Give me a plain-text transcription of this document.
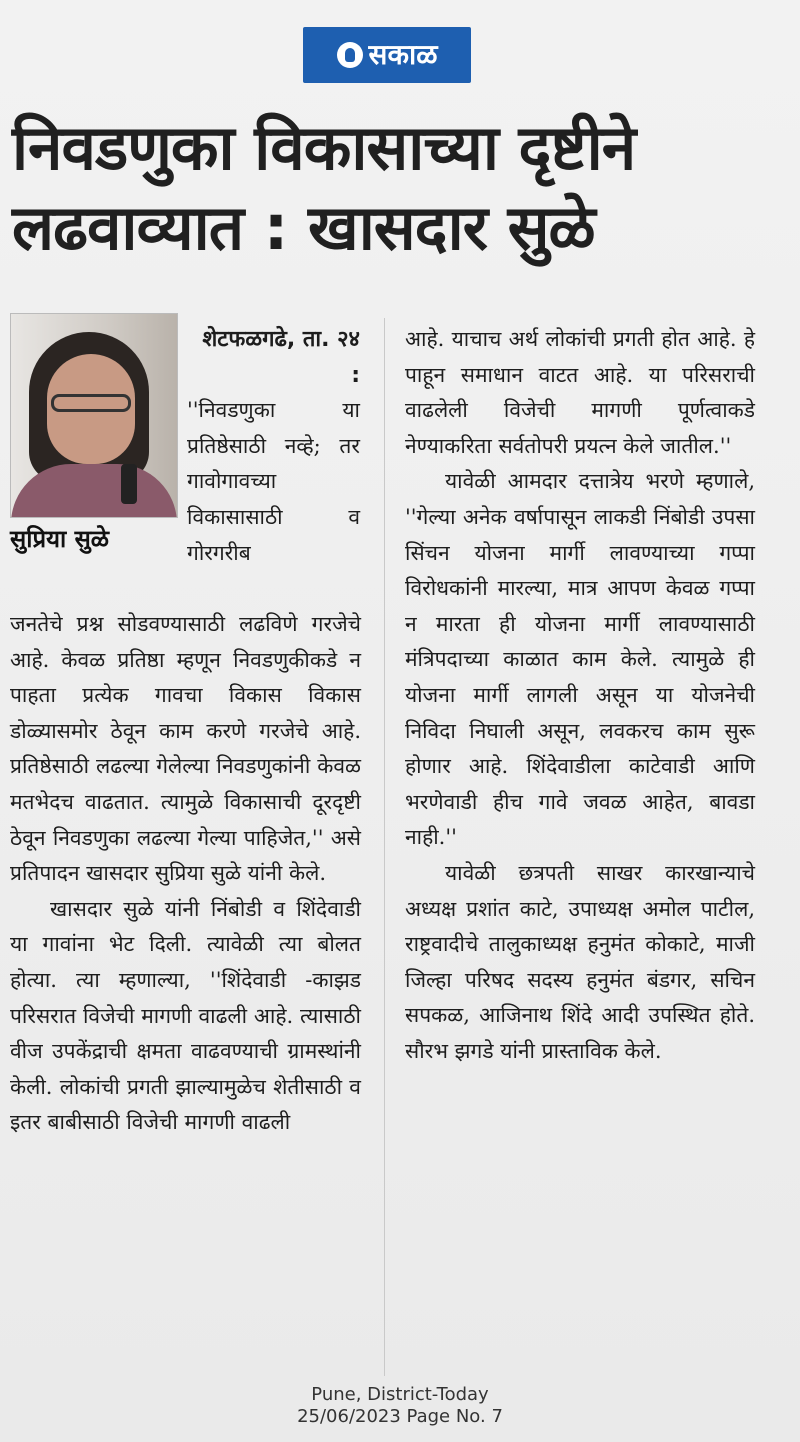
सकाळ
निवडणुका विकासाच्या दृष्टीने लढवाव्यात : खासदार सुळे
सुप्रिया सुळे

शेटफळगढे, ता. २४ :

''निवडणुका या प्रतिष्ठेसाठी नव्हे; तर गावोगावच्या विकासासाठी व गोरगरीब

जनतेचे प्रश्न सोडवण्यासाठी लढविणे गरजेचे आहे. केवळ प्रतिष्ठा म्हणून निवडणुकीकडे न पाहता प्रत्येक गावचा विकास विकास डोळ्यासमोर ठेवून काम करणे गरजेचे आहे. प्रतिष्ठेसाठी लढल्या गेलेल्या निवडणुकांनी केवळ मतभेदच वाढतात. त्यामुळे विकासाची दूरदृष्टी ठेवून निवडणुका लढल्या गेल्या पाहिजेत,'' असे प्रतिपादन खासदार सुप्रिया सुळे यांनी केले.

खासदार सुळे यांनी निंबोडी व शिंदेवाडी या गावांना भेट दिली. त्यावेळी त्या बोलत होत्या. त्या म्हणाल्या, ''शिंदेवाडी -काझड परिसरात विजेची मागणी वाढली आहे. त्यासाठी वीज उपकेंद्राची क्षमता वाढवण्याची ग्रामस्थांनी केली. लोकांची प्रगती झाल्यामुळेच शेतीसाठी व इतर बाबीसाठी विजेची मागणी वाढली

आहे. याचाच अर्थ लोकांची प्रगती होत आहे. हे पाहून समाधान वाटत आहे. या परिसराची वाढलेली विजेची मागणी पूर्णत्वाकडे नेण्याकरिता सर्वतोपरी प्रयत्न केले जातील.''

यावेळी आमदार दत्तात्रेय भरणे म्हणाले, ''गेल्या अनेक वर्षापासून लाकडी निंबोडी उपसा सिंचन योजना मार्गी लावण्याच्या गप्पा विरोधकांनी मारल्या, मात्र आपण केवळ गप्पा न मारता ही योजना मार्गी लावण्यासाठी मंत्रिपदाच्या काळात काम केले. त्यामुळे ही योजना मार्गी लागली असून या योजनेची निविदा निघाली असून, लवकरच काम सुरू होणार आहे. शिंदेवाडीला काटेवाडी आणि भरणेवाडी हीच गावे जवळ आहेत, बावडा नाही.''

यावेळी छत्रपती साखर कारखान्याचे अध्यक्ष प्रशांत काटे, उपाध्यक्ष अमोल पाटील, राष्ट्रवादीचे तालुकाध्यक्ष हनुमंत कोकाटे, माजी जिल्हा परिषद सदस्य हनुमंत बंडगर, सचिन सपकळ, आजिनाथ शिंदे आदी उपस्थित होते. सौरभ झगडे यांनी प्रास्ताविक केले.

Pune, District-Today
25/06/2023 Page No. 7
